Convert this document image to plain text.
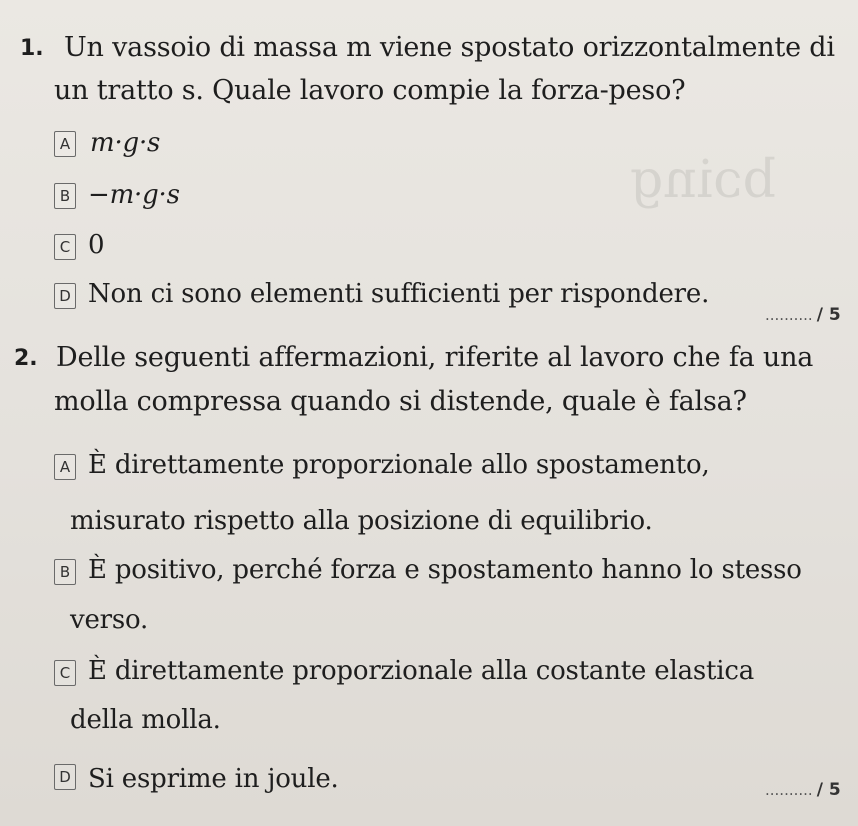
bɔing
1. Un vassoio di massa m viene spostato orizzontalmente di
un tratto s. Quale lavoro compie la forza-peso?
A m·g·s
B −m·g·s
C 0
D Non ci sono elementi sufficienti per rispondere.
.......... / 5
2. Delle seguenti affermazioni, riferite al lavoro che fa una
molla compressa quando si distende, quale è falsa?
A È direttamente proporzionale allo spostamento,
misurato rispetto alla posizione di equilibrio.
B È positivo, perché forza e spostamento hanno lo stesso
verso.
C È direttamente proporzionale alla costante elastica
della molla.
D Si esprime in joule.	.......... / 5
